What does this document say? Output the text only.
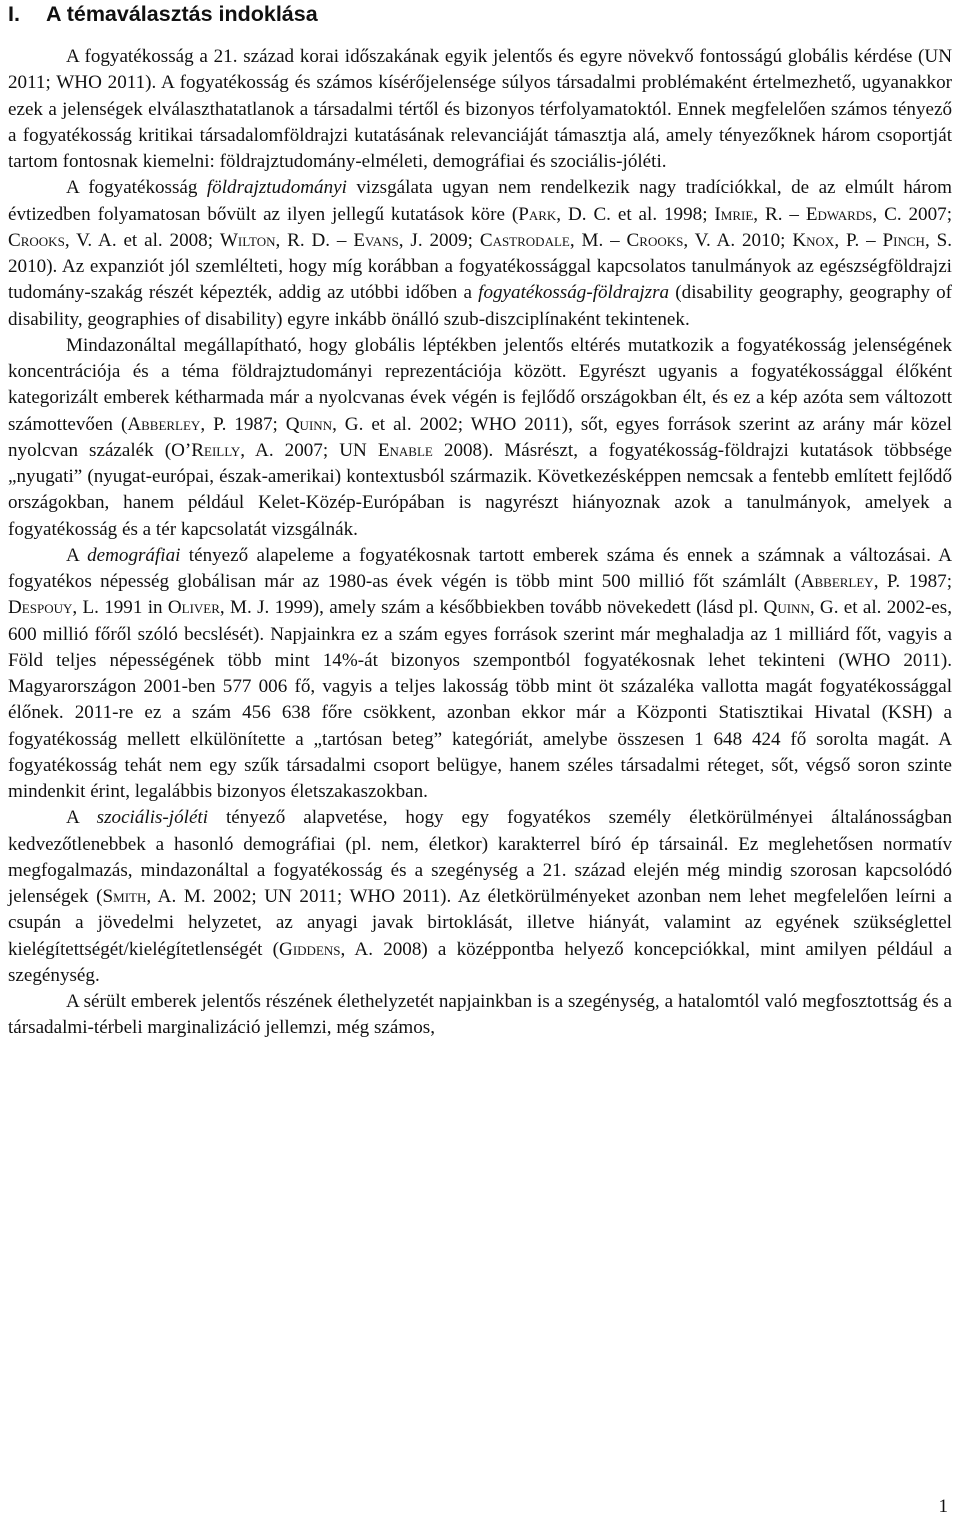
I. A témaválasztás indoklása

A fogyatékosság a 21. század korai időszakának egyik jelentős és egyre növekvő fontosságú globális kérdése (UN 2011; WHO 2011). A fogyatékosság és számos kísérőjelensége súlyos társadalmi problémaként értelmezhető, ugyanakkor ezek a jelenségek elválaszthatatlanok a társadalmi tértől és bizonyos térfolyamatoktól. Ennek megfelelően számos tényező a fogyatékosság kritikai társadalomföldrajzi kutatásának relevanciáját támasztja alá, amely tényezőknek három csoportját tartom fontosnak kiemelni: földrajztudomány-elméleti, demográfiai és szociális-jóléti.

A fogyatékosság földrajztudományi vizsgálata ugyan nem rendelkezik nagy tradíciókkal, de az elmúlt három évtizedben folyamatosan bővült az ilyen jellegű kutatások köre (Park, D. C. et al. 1998; Imrie, R. – Edwards, C. 2007; Crooks, V. A. et al. 2008; Wilton, R. D. – Evans, J. 2009; Castrodale, M. – Crooks, V. A. 2010; Knox, P. – Pinch, S. 2010). Az expanziót jól szemlélteti, hogy míg korábban a fogyatékossággal kapcsolatos tanulmányok az egészségföldrajzi tudomány-szakág részét képezték, addig az utóbbi időben a fogyatékosság-földrajzra (disability geography, geography of disability, geographies of disability) egyre inkább önálló szub-diszciplínaként tekintenek.

Mindazonáltal megállapítható, hogy globális léptékben jelentős eltérés mutatkozik a fogyatékosság jelenségének koncentrációja és a téma földrajztudományi reprezentációja között. Egyrészt ugyanis a fogyatékossággal élőként kategorizált emberek kétharmada már a nyolcvanas évek végén is fejlődő országokban élt, és ez a kép azóta sem változott számottevően (Abberley, P. 1987; Quinn, G. et al. 2002; WHO 2011), sőt, egyes források szerint az arány már közel nyolcvan százalék (O’Reilly, A. 2007; UN Enable 2008). Másrészt, a fogyatékosság-földrajzi kutatások többsége „nyugati” (nyugat-európai, észak-amerikai) kontextusból származik. Következésképpen nemcsak a fentebb említett fejlődő országokban, hanem például Kelet-Közép-Európában is nagyrészt hiányoznak azok a tanulmányok, amelyek a fogyatékosság és a tér kapcsolatát vizsgálnák.

A demográfiai tényező alapeleme a fogyatékosnak tartott emberek száma és ennek a számnak a változásai. A fogyatékos népesség globálisan már az 1980-as évek végén is több mint 500 millió főt számlált (Abberley, P. 1987; Despouy, L. 1991 in Oliver, M. J. 1999), amely szám a későbbiekben tovább növekedett (lásd pl. Quinn, G. et al. 2002-es, 600 millió főről szóló becslését). Napjainkra ez a szám egyes források szerint már meghaladja az 1 milliárd főt, vagyis a Föld teljes népességének több mint 14%-át bizonyos szempontból fogyatékosnak lehet tekinteni (WHO 2011). Magyarországon 2001-ben 577 006 fő, vagyis a teljes lakosság több mint öt százaléka vallotta magát fogyatékossággal élőnek. 2011-re ez a szám 456 638 főre csökkent, azonban ekkor már a Központi Statisztikai Hivatal (KSH) a fogyatékosság mellett elkülönítette a „tartósan beteg” kategóriát, amelybe összesen 1 648 424 fő sorolta magát. A fogyatékosság tehát nem egy szűk társadalmi csoport belügye, hanem széles társadalmi réteget, sőt, végső soron szinte mindenkit érint, legalábbis bizonyos életszakaszokban.

A szociális-jóléti tényező alapvetése, hogy egy fogyatékos személy életkörülményei általánosságban kedvezőtlenebbek a hasonló demográfiai (pl. nem, életkor) karakterrel bíró ép társainál. Ez meglehetősen normatív megfogalmazás, mindazonáltal a fogyatékosság és a szegénység a 21. század elején még mindig szorosan kapcsolódó jelenségek (Smith, A. M. 2002; UN 2011; WHO 2011). Az életkörülményeket azonban nem lehet megfelelően leírni a csupán a jövedelmi helyzetet, az anyagi javak birtoklását, illetve hiányát, valamint az egyének szükséglettel kielégítettségét/kielégítetlenségét (Giddens, A. 2008) a középpontba helyező koncepciókkal, mint amilyen például a szegénység.

A sérült emberek jelentős részének élethelyzetét napjainkban is a szegénység, a hatalomtól való megfosztottság és a társadalmi-térbeli marginalizáció jellemzi, még számos,

1
